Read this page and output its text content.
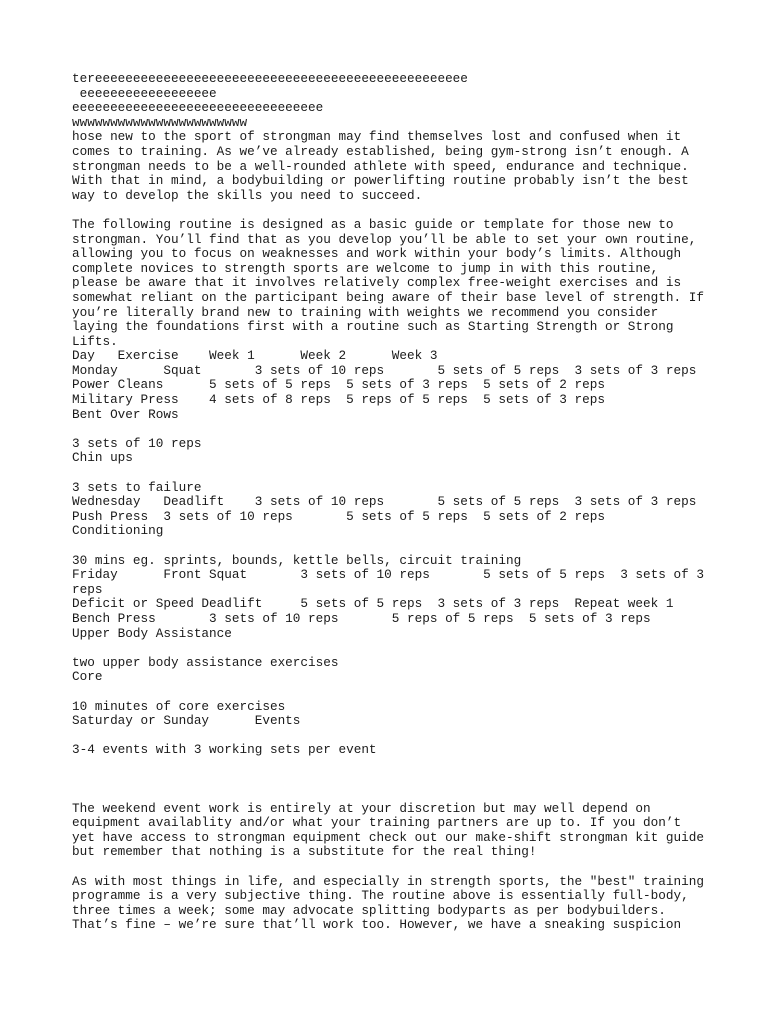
tereeeeeeeeeeeeeeeeeeeeeeeeeeeeeeeeeeeeeeeeeeeeeeeee
eeeeeeeeeeeeeeeeee
eeeeeeeeeeeeeeeeeeeeeeeeeeeeeeeee
wwwwwwwwwwwwwwwwwwwwwww
hose new to the sport of strongman may find themselves lost and confused when it
comes to training. As we’ve already established, being gym-strong isn’t enough. A
strongman needs to be a well-rounded athlete with speed, endurance and technique.
With that in mind, a bodybuilding or powerlifting routine probably isn’t the best
way to develop the skills you need to succeed.
The following routine is designed as a basic guide or template for those new to
strongman. You’ll find that as you develop you’ll be able to set your own routine,
allowing you to focus on weaknesses and work within your body’s limits. Although
complete novices to strength sports are welcome to jump in with this routine,
please be aware that it involves relatively complex free-weight exercises and is
somewhat reliant on the participant being aware of their base level of strength. If
you’re literally brand new to training with weights we recommend you consider
laying the foundations first with a routine such as Starting Strength or Strong
Lifts.
Day   Exercise    Week 1      Week 2      Week 3
Monday      Squat       3 sets of 10 reps       5 sets of 5 reps  3 sets of 3 reps
Power Cleans      5 sets of 5 reps  5 sets of 3 reps  5 sets of 2 reps
Military Press    4 sets of 8 reps  5 reps of 5 reps  5 sets of 3 reps
Bent Over Rows
3 sets of 10 reps
Chin ups
3 sets to failure
Wednesday   Deadlift    3 sets of 10 reps       5 sets of 5 reps  3 sets of 3 reps
Push Press  3 sets of 10 reps       5 sets of 5 reps  5 sets of 2 reps
Conditioning
30 mins eg. sprints, bounds, kettle bells, circuit training
Friday      Front Squat       3 sets of 10 reps       5 sets of 5 reps  3 sets of 3
reps
Deficit or Speed Deadlift     5 sets of 5 reps  3 sets of 3 reps  Repeat week 1
Bench Press       3 sets of 10 reps       5 reps of 5 reps  5 sets of 3 reps
Upper Body Assistance
two upper body assistance exercises
Core
10 minutes of core exercises
Saturday or Sunday      Events
3-4 events with 3 working sets per event
The weekend event work is entirely at your discretion but may well depend on
equipment availablity and/or what your training partners are up to. If you don’t
yet have access to strongman equipment check out our make-shift strongman kit guide
but remember that nothing is a substitute for the real thing!
As with most things in life, and especially in strength sports, the "best" training
programme is a very subjective thing. The routine above is essentially full-body,
three times a week; some may advocate splitting bodyparts as per bodybuilders.
That’s fine – we’re sure that’ll work too. However, we have a sneaking suspicion
